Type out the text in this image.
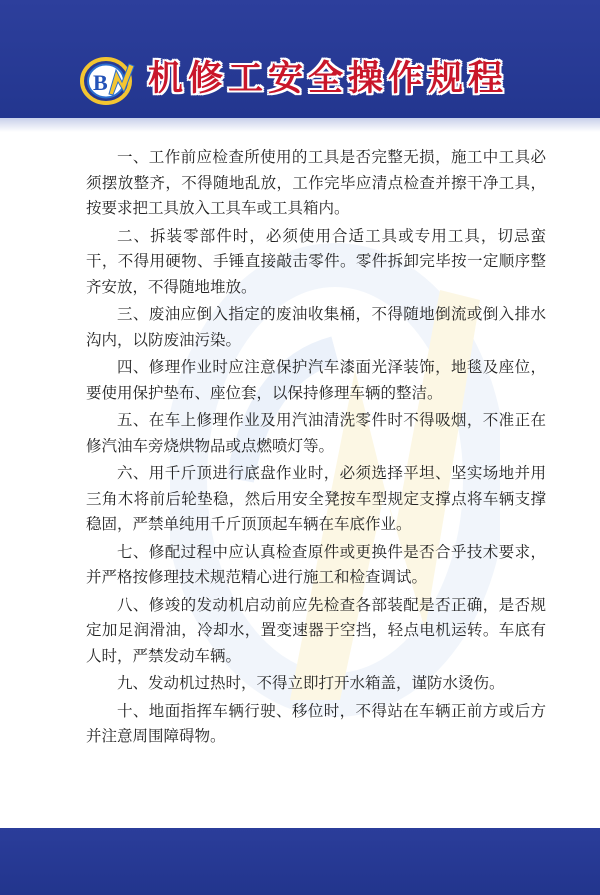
B 机修工安全操作规程
一、工作前应检查所使用的工具是否完整无损，施工中工具必须摆放整齐，不得随地乱放，工作完毕应清点检查并擦干净工具，按要求把工具放入工具车或工具箱内。
二、拆装零部件时，必须使用合适工具或专用工具，切忌蛮干，不得用硬物、手锤直接敲击零件。零件拆卸完毕按一定顺序整齐安放，不得随地堆放。
三、废油应倒入指定的废油收集桶，不得随地倒流或倒入排水沟内，以防废油污染。
四、修理作业时应注意保护汽车漆面光泽装饰，地毯及座位，要使用保护垫布、座位套，以保持修理车辆的整洁。
五、在车上修理作业及用汽油清洗零件时不得吸烟，不准正在修汽油车旁烧烘物品或点燃喷灯等。
六、用千斤顶进行底盘作业时，必须选择平坦、坚实场地并用三角木将前后轮垫稳，然后用安全凳按车型规定支撑点将车辆支撑稳固，严禁单纯用千斤顶顶起车辆在车底作业。
七、修配过程中应认真检查原件或更换件是否合乎技术要求，并严格按修理技术规范精心进行施工和检查调试。
八、修竣的发动机启动前应先检查各部装配是否正确，是否规定加足润滑油，冷却水，置变速器于空挡，轻点电机运转。车底有人时，严禁发动车辆。
九、发动机过热时，不得立即打开水箱盖，谨防水烫伤。
十、地面指挥车辆行驶、移位时，不得站在车辆正前方或后方并注意周围障碍物。
